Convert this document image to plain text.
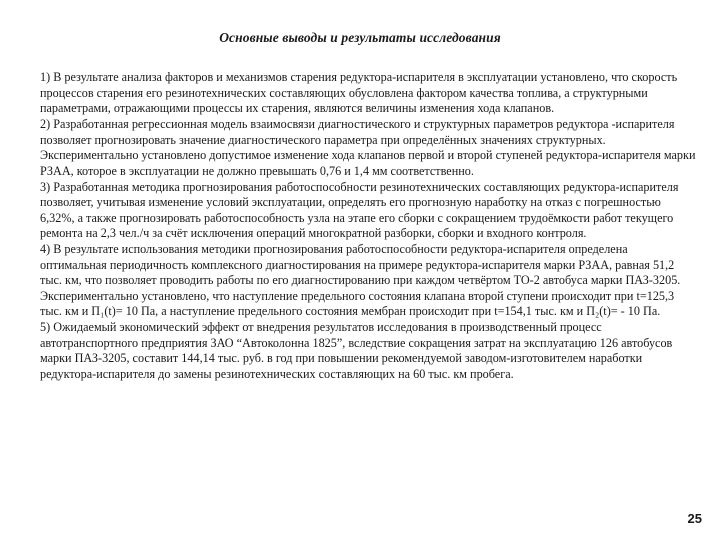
Основные выводы и результаты исследования
1) В результате анализа факторов и механизмов старения редуктора-испарителя в эксплуатации установлено, что скорость процессов старения его резинотехнических составляющих обусловлена фактором качества топлива, а структурными параметрами, отражающими процессы их старения, являются величины изменения хода клапанов.
2) Разработанная регрессионная модель взаимосвязи диагностического и структурных параметров редуктора -испарителя позволяет прогнозировать значение диагностического параметра при определённых значениях структурных. Экспериментально установлено допустимое изменение хода клапанов первой и второй ступеней редуктора-испарителя марки РЗАА, которое в эксплуатации не должно превышать 0,76 и 1,4 мм соответственно.
3) Разработанная методика прогнозирования работоспособности резинотехнических составляющих редуктора-испарителя позволяет, учитывая изменение условий эксплуатации, определять его прогнозную наработку на отказ с погрешностью 6,32%, а также прогнозировать работоспособность узла на этапе его сборки с сокращением трудоёмкости работ текущего ремонта на 2,3 чел./ч за счёт исключения операций многократной разборки, сборки и входного контроля.
4) В результате использования методики прогнозирования работоспособности редуктора-испарителя определена оптимальная периодичность комплексного диагностирования на примере редуктора-испарителя марки РЗАА, равная 51,2 тыс. км, что позволяет проводить работы по его диагностированию при каждом четвёртом ТО-2 автобуса марки ПАЗ-3205. Экспериментально установлено, что наступление предельного состояния клапана второй ступени происходит при t=125,3 тыс. км и П₁(t)= 10 Па, а наступление предельного состояния мембран происходит при t=154,1 тыс. км и П₂(t)= - 10 Па.
5) Ожидаемый экономический эффект от внедрения результатов исследования в производственный процесс автотранспортного предприятия ЗАО “Автоколонна 1825”, вследствие сокращения затрат на эксплуатацию 126 автобусов марки ПАЗ-3205, составит 144,14 тыс. руб. в год при повышении рекомендуемой заводом-изготовителем наработки редуктора-испарителя до замены резинотехнических составляющих на 60 тыс. км пробега.
25
